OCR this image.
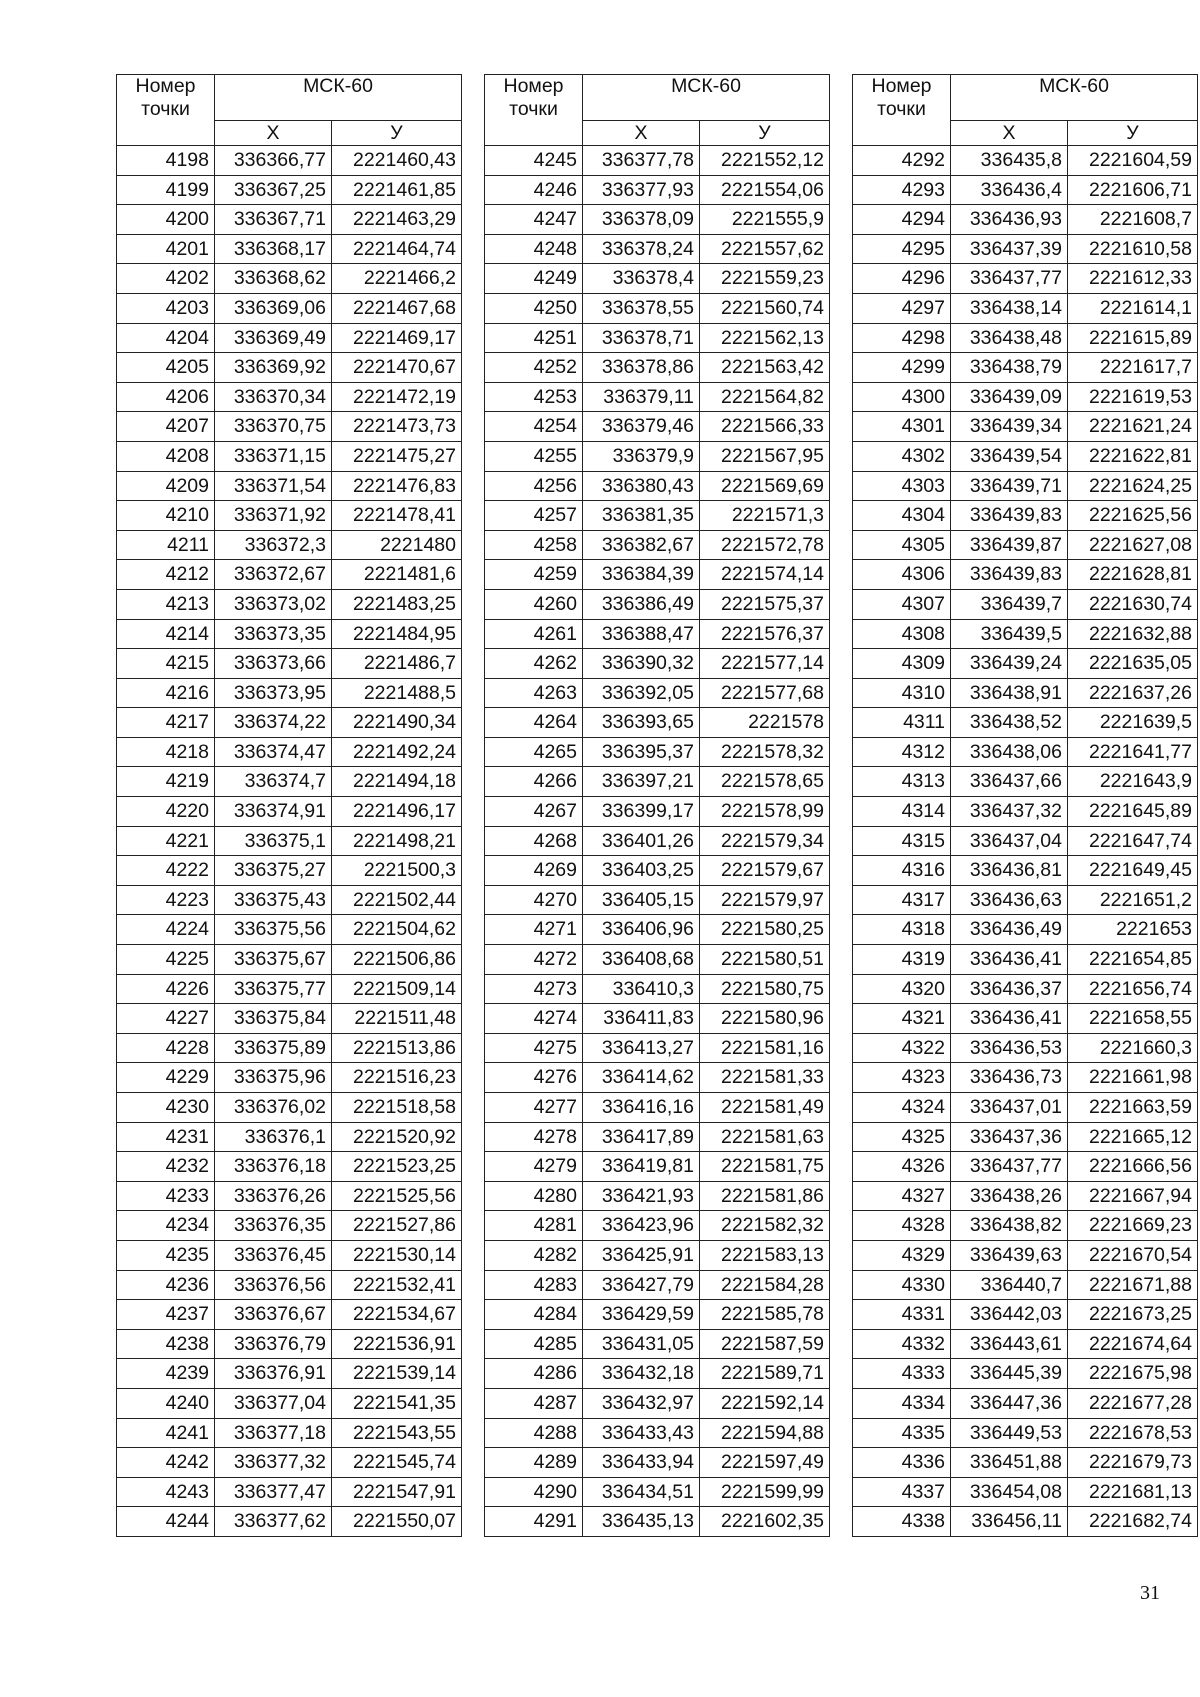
Номер
точки	МСК-60	
	X	У
4198	336366,77	2221460,43
4199	336367,25	2221461,85
4200	336367,71	2221463,29
4201	336368,17	2221464,74
4202	336368,62	2221466,2
4203	336369,06	2221467,68
4204	336369,49	2221469,17
4205	336369,92	2221470,67
4206	336370,34	2221472,19
4207	336370,75	2221473,73
4208	336371,15	2221475,27
4209	336371,54	2221476,83
4210	336371,92	2221478,41
4211	336372,3	2221480
4212	336372,67	2221481,6
4213	336373,02	2221483,25
4214	336373,35	2221484,95
4215	336373,66	2221486,7
4216	336373,95	2221488,5
4217	336374,22	2221490,34
4218	336374,47	2221492,24
4219	336374,7	2221494,18
4220	336374,91	2221496,17
4221	336375,1	2221498,21
4222	336375,27	2221500,3
4223	336375,43	2221502,44
4224	336375,56	2221504,62
4225	336375,67	2221506,86
4226	336375,77	2221509,14
4227	336375,84	2221511,48
4228	336375,89	2221513,86
4229	336375,96	2221516,23
4230	336376,02	2221518,58
4231	336376,1	2221520,92
4232	336376,18	2221523,25
4233	336376,26	2221525,56
4234	336376,35	2221527,86
4235	336376,45	2221530,14
4236	336376,56	2221532,41
4237	336376,67	2221534,67
4238	336376,79	2221536,91
4239	336376,91	2221539,14
4240	336377,04	2221541,35
4241	336377,18	2221543,55
4242	336377,32	2221545,74
4243	336377,47	2221547,91
4244	336377,62	2221550,07
Номер
точки	МСК-60	
	X	У
4245	336377,78	2221552,12
4246	336377,93	2221554,06
4247	336378,09	2221555,9
4248	336378,24	2221557,62
4249	336378,4	2221559,23
4250	336378,55	2221560,74
4251	336378,71	2221562,13
4252	336378,86	2221563,42
4253	336379,11	2221564,82
4254	336379,46	2221566,33
4255	336379,9	2221567,95
4256	336380,43	2221569,69
4257	336381,35	2221571,3
4258	336382,67	2221572,78
4259	336384,39	2221574,14
4260	336386,49	2221575,37
4261	336388,47	2221576,37
4262	336390,32	2221577,14
4263	336392,05	2221577,68
4264	336393,65	2221578
4265	336395,37	2221578,32
4266	336397,21	2221578,65
4267	336399,17	2221578,99
4268	336401,26	2221579,34
4269	336403,25	2221579,67
4270	336405,15	2221579,97
4271	336406,96	2221580,25
4272	336408,68	2221580,51
4273	336410,3	2221580,75
4274	336411,83	2221580,96
4275	336413,27	2221581,16
4276	336414,62	2221581,33
4277	336416,16	2221581,49
4278	336417,89	2221581,63
4279	336419,81	2221581,75
4280	336421,93	2221581,86
4281	336423,96	2221582,32
4282	336425,91	2221583,13
4283	336427,79	2221584,28
4284	336429,59	2221585,78
4285	336431,05	2221587,59
4286	336432,18	2221589,71
4287	336432,97	2221592,14
4288	336433,43	2221594,88
4289	336433,94	2221597,49
4290	336434,51	2221599,99
4291	336435,13	2221602,35
Номер
точки	МСК-60	
	X	У
4292	336435,8	2221604,59
4293	336436,4	2221606,71
4294	336436,93	2221608,7
4295	336437,39	2221610,58
4296	336437,77	2221612,33
4297	336438,14	2221614,1
4298	336438,48	2221615,89
4299	336438,79	2221617,7
4300	336439,09	2221619,53
4301	336439,34	2221621,24
4302	336439,54	2221622,81
4303	336439,71	2221624,25
4304	336439,83	2221625,56
4305	336439,87	2221627,08
4306	336439,83	2221628,81
4307	336439,7	2221630,74
4308	336439,5	2221632,88
4309	336439,24	2221635,05
4310	336438,91	2221637,26
4311	336438,52	2221639,5
4312	336438,06	2221641,77
4313	336437,66	2221643,9
4314	336437,32	2221645,89
4315	336437,04	2221647,74
4316	336436,81	2221649,45
4317	336436,63	2221651,2
4318	336436,49	2221653
4319	336436,41	2221654,85
4320	336436,37	2221656,74
4321	336436,41	2221658,55
4322	336436,53	2221660,3
4323	336436,73	2221661,98
4324	336437,01	2221663,59
4325	336437,36	2221665,12
4326	336437,77	2221666,56
4327	336438,26	2221667,94
4328	336438,82	2221669,23
4329	336439,63	2221670,54
4330	336440,7	2221671,88
4331	336442,03	2221673,25
4332	336443,61	2221674,64
4333	336445,39	2221675,98
4334	336447,36	2221677,28
4335	336449,53	2221678,53
4336	336451,88	2221679,73
4337	336454,08	2221681,13
4338	336456,11	2221682,74
31
